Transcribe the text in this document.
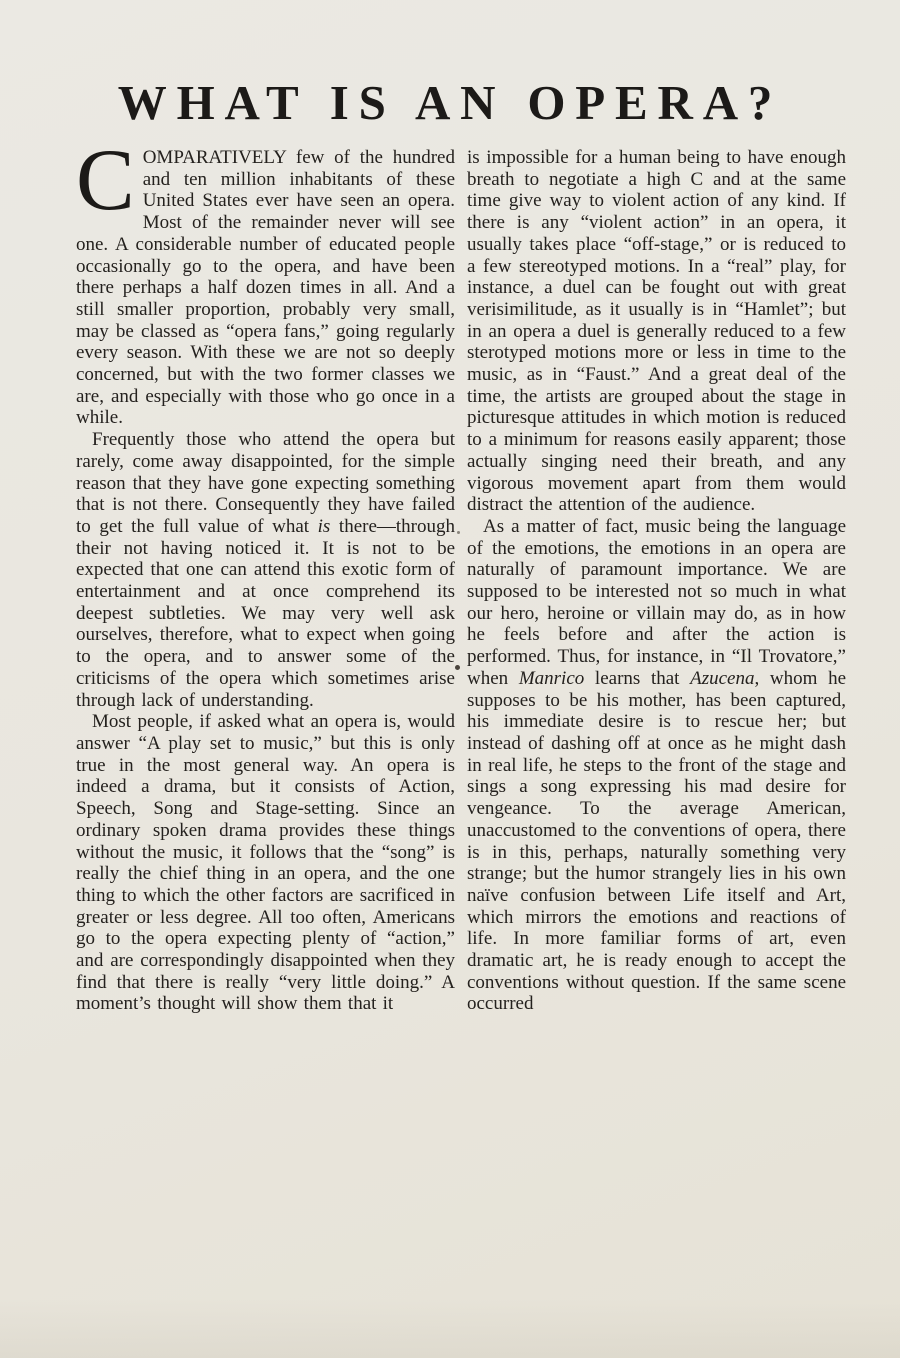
WHAT IS AN OPERA?

COMPARATIVELY few of the hundred and ten million inhabitants of these United States ever have seen an opera. Most of the remainder never will see one. A considerable number of educated people occasionally go to the opera, and have been there perhaps a half dozen times in all. And a still smaller proportion, probably very small, may be classed as “opera fans,” going regularly every season. With these we are not so deeply concerned, but with the two former classes we are, and especially with those who go once in a while.

Frequently those who attend the opera but rarely, come away disappointed, for the simple reason that they have gone expecting something that is not there. Consequently they have failed to get the full value of what is there—through their not having noticed it. It is not to be expected that one can attend this exotic form of entertainment and at once comprehend its deepest subtleties. We may very well ask ourselves, therefore, what to expect when going to the opera, and to answer some of the criticisms of the opera which sometimes arise through lack of understanding.

Most people, if asked what an opera is, would answer “A play set to music,” but this is only true in the most general way. An opera is indeed a drama, but it consists of Action, Speech, Song and Stage-setting. Since an ordinary spoken drama provides these things without the music, it follows that the “song” is really the chief thing in an opera, and the one thing to which the other factors are sacrificed in greater or less degree. All too often, Americans go to the opera expecting plenty of “action,” and are correspondingly disappointed when they find that there is really “very little doing.” A moment’s thought will show them that it

is impossible for a human being to have enough breath to negotiate a high C and at the same time give way to violent action of any kind. If there is any “violent action” in an opera, it usually takes place “off-stage,” or is reduced to a few stereotyped motions. In a “real” play, for instance, a duel can be fought out with great verisimilitude, as it usually is in “Hamlet”; but in an opera a duel is generally reduced to a few sterotyped motions more or less in time to the music, as in “Faust.” And a great deal of the time, the artists are grouped about the stage in picturesque attitudes in which motion is reduced to a minimum for reasons easily apparent; those actually singing need their breath, and any vigorous movement apart from them would distract the attention of the audience.

As a matter of fact, music being the language of the emotions, the emotions in an opera are naturally of paramount importance. We are supposed to be interested not so much in what our hero, heroine or villain may do, as in how he feels before and after the action is performed. Thus, for instance, in “Il Trovatore,” when Manrico learns that Azucena, whom he supposes to be his mother, has been captured, his immediate desire is to rescue her; but instead of dashing off at once as he might dash in real life, he steps to the front of the stage and sings a song expressing his mad desire for vengeance. To the average American, unaccustomed to the conventions of opera, there is in this, perhaps, naturally something very strange; but the humor strangely lies in his own naïve confusion between Life itself and Art, which mirrors the emotions and reactions of life. In more familiar forms of art, even dramatic art, he is ready enough to accept the conventions without question. If the same scene occurred
